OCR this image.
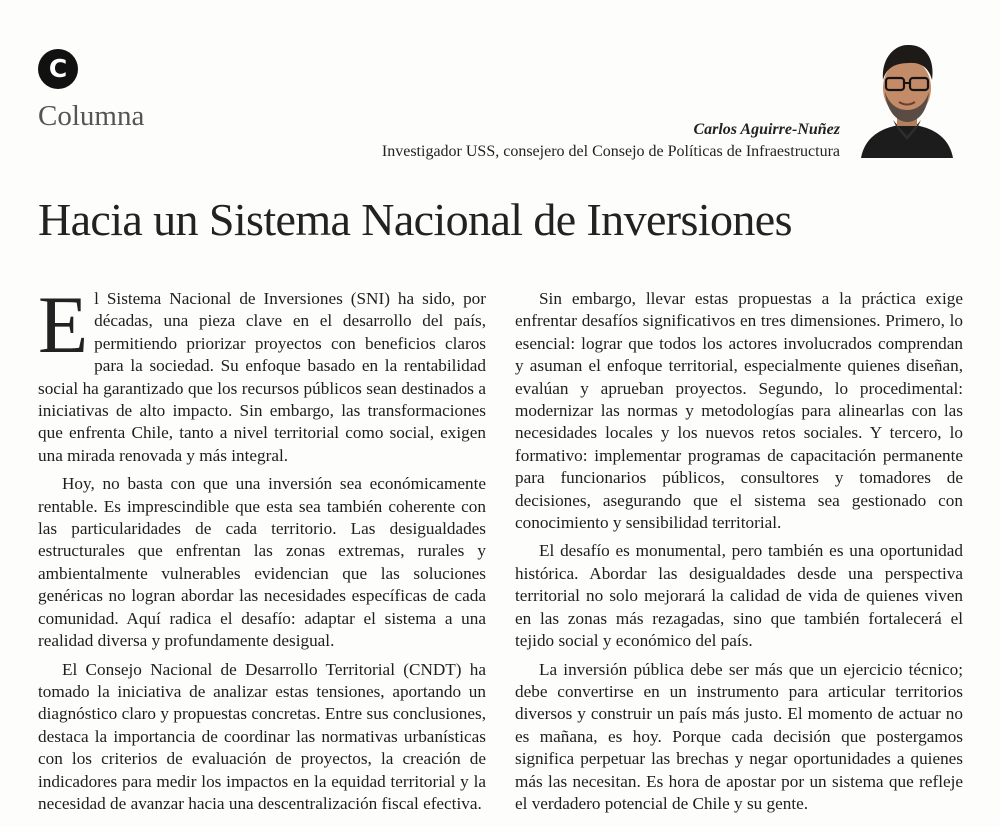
C
Columna	Carlos Aguirre-Nuñez
Investigador USS, consejero del Consejo de Políticas de Infraestructura
Hacia un Sistema Nacional de Inversiones

El Sistema Nacional de Inversiones (SNI) ha sido, por décadas, una pieza clave en el desarrollo del país, permitiendo priorizar proyectos con beneficios claros para la sociedad. Su enfoque basado en la rentabilidad social ha garantizado que los recursos públicos sean destinados a iniciativas de alto impacto. Sin embargo, las transformaciones que enfrenta Chile, tanto a nivel territorial como social, exigen una mirada renovada y más integral.

Hoy, no basta con que una inversión sea económicamente rentable. Es imprescindible que esta sea también coherente con las particularidades de cada territorio. Las desigualdades estructurales que enfrentan las zonas extremas, rurales y ambientalmente vulnerables evidencian que las soluciones genéricas no logran abordar las necesidades específicas de cada comunidad. Aquí radica el desafío: adaptar el sistema a una realidad diversa y profundamente desigual.

El Consejo Nacional de Desarrollo Territorial (CNDT) ha tomado la iniciativa de analizar estas tensiones, aportando un diagnóstico claro y propuestas concretas. Entre sus conclusiones, destaca la importancia de coordinar las normativas urbanísticas con los criterios de evaluación de proyectos, la creación de indicadores para medir los impactos en la equidad territorial y la necesidad de avanzar hacia una descentralización fiscal efectiva.

Sin embargo, llevar estas propuestas a la práctica exige enfrentar desafíos significativos en tres dimensiones. Primero, lo esencial: lograr que todos los actores involucrados comprendan y asuman el enfoque territorial, especialmente quienes diseñan, evalúan y aprueban proyectos. Segundo, lo procedimental: modernizar las normas y metodologías para alinearlas con las necesidades locales y los nuevos retos sociales. Y tercero, lo formativo: implementar programas de capacitación permanente para funcionarios públicos, consultores y tomadores de decisiones, asegurando que el sistema sea gestionado con conocimiento y sensibilidad territorial.

El desafío es monumental, pero también es una oportunidad histórica. Abordar las desigualdades desde una perspectiva territorial no solo mejorará la calidad de vida de quienes viven en las zonas más rezagadas, sino que también fortalecerá el tejido social y económico del país.

La inversión pública debe ser más que un ejercicio técnico; debe convertirse en un instrumento para articular territorios diversos y construir un país más justo. El momento de actuar no es mañana, es hoy. Porque cada decisión que postergamos significa perpetuar las brechas y negar oportunidades a quienes más las necesitan. Es hora de apostar por un sistema que refleje el verdadero potencial de Chile y su gente.
